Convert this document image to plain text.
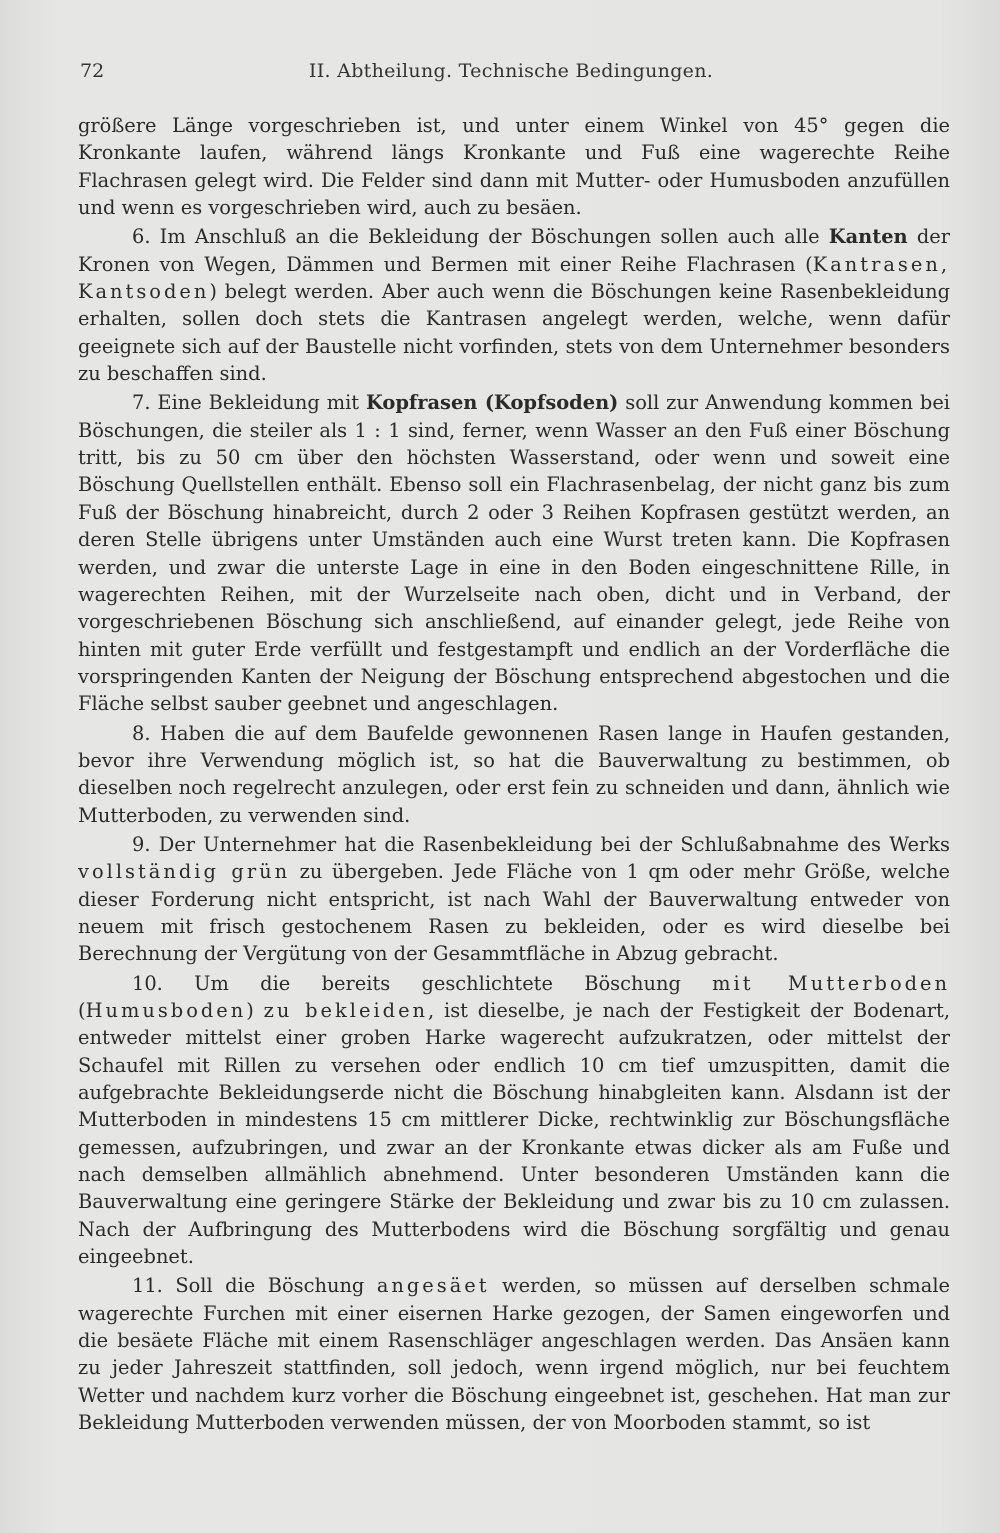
72	II. Abtheilung. Technische Bedingungen.

größere Länge vorgeschrieben ist, und unter einem Winkel von 45° gegen die Kronkante laufen, während längs Kronkante und Fuß eine wagerechte Reihe Flachrasen gelegt wird. Die Felder sind dann mit Mutter- oder Humusboden anzufüllen und wenn es vorgeschrieben wird, auch zu besäen.

6. Im Anschluß an die Bekleidung der Böschungen sollen auch alle Kanten der Kronen von Wegen, Dämmen und Bermen mit einer Reihe Flachrasen (Kantrasen, Kantsoden) belegt werden. Aber auch wenn die Böschungen keine Rasenbekleidung erhalten, sollen doch stets die Kantrasen angelegt werden, welche, wenn dafür geeignete sich auf der Baustelle nicht vorfinden, stets von dem Unternehmer besonders zu beschaffen sind.

7. Eine Bekleidung mit Kopfrasen (Kopfsoden) soll zur Anwendung kommen bei Böschungen, die steiler als 1 : 1 sind, ferner, wenn Wasser an den Fuß einer Böschung tritt, bis zu 50 cm über den höchsten Wasserstand, oder wenn und soweit eine Böschung Quellstellen enthält. Ebenso soll ein Flachrasenbelag, der nicht ganz bis zum Fuß der Böschung hinabreicht, durch 2 oder 3 Reihen Kopfrasen gestützt werden, an deren Stelle übrigens unter Umständen auch eine Wurst treten kann. Die Kopfrasen werden, und zwar die unterste Lage in eine in den Boden eingeschnittene Rille, in wagerechten Reihen, mit der Wurzelseite nach oben, dicht und in Verband, der vorgeschriebenen Böschung sich anschließend, auf einander gelegt, jede Reihe von hinten mit guter Erde verfüllt und festgestampft und endlich an der Vorderfläche die vorspringenden Kanten der Neigung der Böschung entsprechend abgestochen und die Fläche selbst sauber geebnet und angeschlagen.

8. Haben die auf dem Baufelde gewonnenen Rasen lange in Haufen gestanden, bevor ihre Verwendung möglich ist, so hat die Bauverwaltung zu bestimmen, ob dieselben noch regelrecht anzulegen, oder erst fein zu schneiden und dann, ähnlich wie Mutterboden, zu verwenden sind.

9. Der Unternehmer hat die Rasenbekleidung bei der Schlußabnahme des Werks vollständig grün zu übergeben. Jede Fläche von 1 qm oder mehr Größe, welche dieser Forderung nicht entspricht, ist nach Wahl der Bauverwaltung entweder von neuem mit frisch gestochenem Rasen zu bekleiden, oder es wird dieselbe bei Berechnung der Vergütung von der Gesammtfläche in Abzug gebracht.

10. Um die bereits geschlichtete Böschung mit Mutterboden (Humusboden) zu bekleiden, ist dieselbe, je nach der Festigkeit der Bodenart, entweder mittelst einer groben Harke wagerecht aufzukratzen, oder mittelst der Schaufel mit Rillen zu versehen oder endlich 10 cm tief umzuspitten, damit die aufgebrachte Bekleidungserde nicht die Böschung hinabgleiten kann. Alsdann ist der Mutterboden in mindestens 15 cm mittlerer Dicke, rechtwinklig zur Böschungsfläche gemessen, aufzubringen, und zwar an der Kronkante etwas dicker als am Fuße und nach demselben allmählich abnehmend. Unter besonderen Umständen kann die Bauverwaltung eine geringere Stärke der Bekleidung und zwar bis zu 10 cm zulassen. Nach der Aufbringung des Mutterbodens wird die Böschung sorgfältig und genau eingeebnet.

11. Soll die Böschung angesäet werden, so müssen auf derselben schmale wagerechte Furchen mit einer eisernen Harke gezogen, der Samen eingeworfen und die besäete Fläche mit einem Rasenschläger angeschlagen werden. Das Ansäen kann zu jeder Jahreszeit stattfinden, soll jedoch, wenn irgend möglich, nur bei feuchtem Wetter und nachdem kurz vorher die Böschung eingeebnet ist, geschehen. Hat man zur Bekleidung Mutterboden verwenden müssen, der von Moorboden stammt, so ist
